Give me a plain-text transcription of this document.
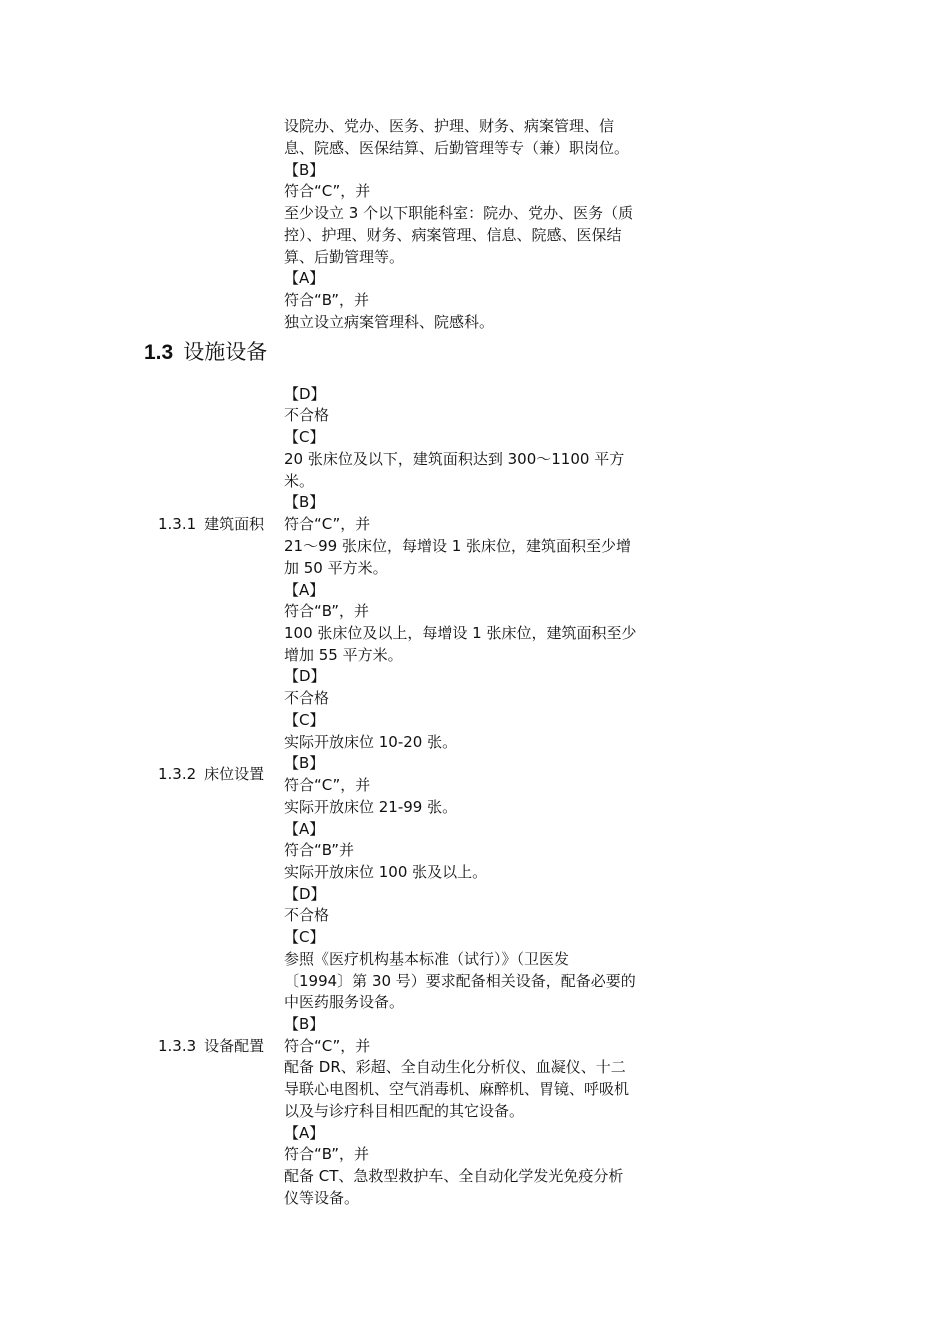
设院办、党办、医务、护理、财务、病案管理、信
息、院感、医保结算、后勤管理等专（兼）职岗位。
【B】
符合“C”，并
至少设立 3 个以下职能科室：院办、党办、医务（质
控）、护理、财务、病案管理、信息、院感、医保结
算、后勤管理等。
【A】
符合“B”，并
独立设立病案管理科、院感科。
1.3 设施设备
1.3.1 建筑面积
【D】
不合格
【C】
20 张床位及以下，建筑面积达到 300～1100 平方
米。
【B】
符合“C”，并
21～99 张床位，每增设 1 张床位，建筑面积至少增
加 50 平方米。
【A】
符合“B”，并
100 张床位及以上，每增设 1 张床位，建筑面积至少
增加 55 平方米。
1.3.2 床位设置
【D】
不合格
【C】
实际开放床位 10-20 张。
【B】
符合“C”，并
实际开放床位 21-99 张。
【A】
符合“B”并
实际开放床位 100 张及以上。
1.3.3 设备配置
【D】
不合格
【C】
参照《医疗机构基本标准（试行）》（卫医发
〔1994〕第 30 号）要求配备相关设备，配备必要的
中医药服务设备。
【B】
符合“C”，并
配备 DR、彩超、全自动生化分析仪、血凝仪、十二
导联心电图机、空气消毒机、麻醉机、胃镜、呼吸机
以及与诊疗科目相匹配的其它设备。
【A】
符合“B”，并
配备 CT、急救型救护车、全自动化学发光免疫分析
仪等设备。
